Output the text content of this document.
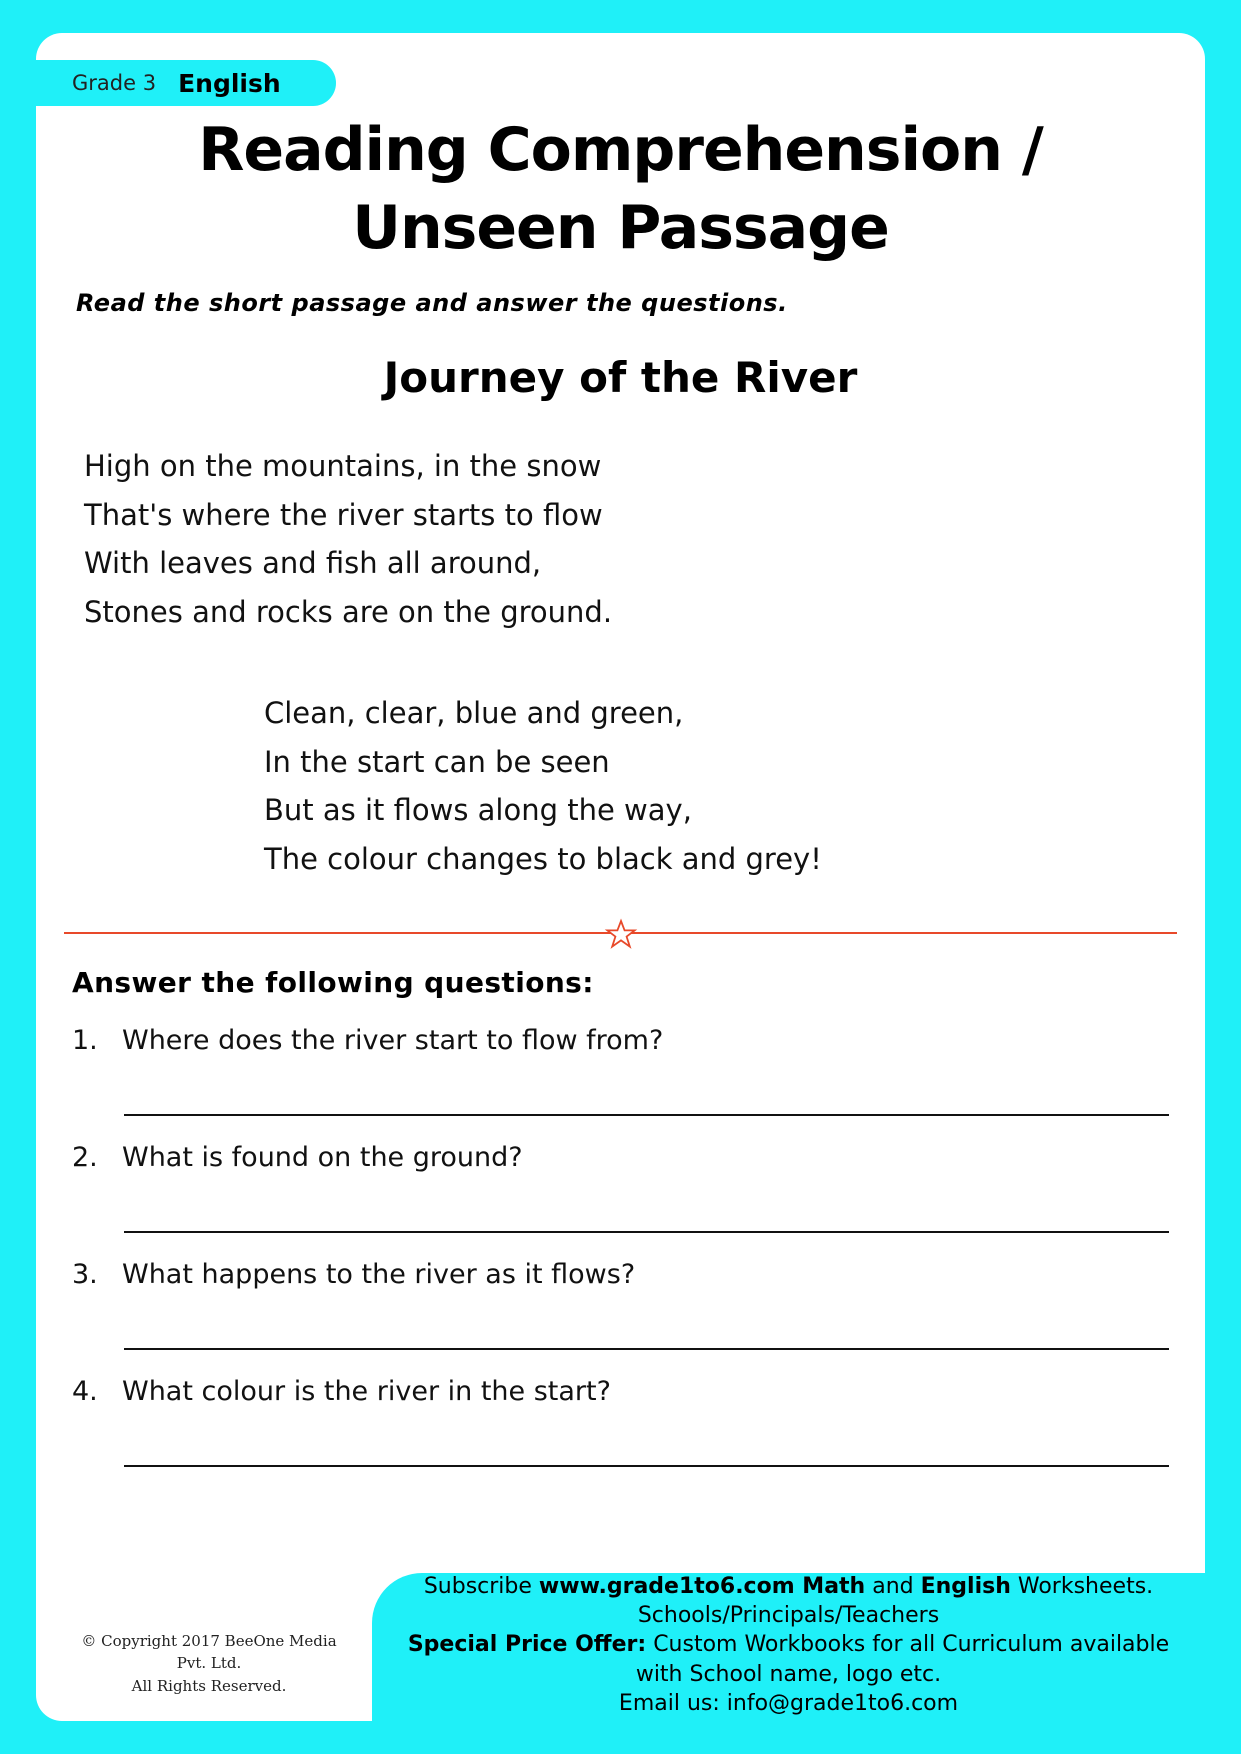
Grade 3 English
Reading Comprehension / Unseen Passage
Read the short passage and answer the questions.
Journey of the River
High on the mountains, in the snow
That's where the river starts to flow
With leaves and fish all around,
Stones and rocks are on the ground.
Clean, clear, blue and green,
In the start can be seen
But as it flows along the way,
The colour changes to black and grey!
Answer the following questions:
1. Where does the river start to flow from?
2. What is found on the ground?
3. What happens to the river as it flows?
4. What colour is the river in the start?
Subscribe www.grade1to6.com Math and English Worksheets.
Schools/Principals/Teachers
Special Price Offer: Custom Workbooks for all Curriculum available
with School name, logo etc.
Email us: info@grade1to6.com
© Copyright 2017 BeeOne Media Pvt. Ltd.
All Rights Reserved.
